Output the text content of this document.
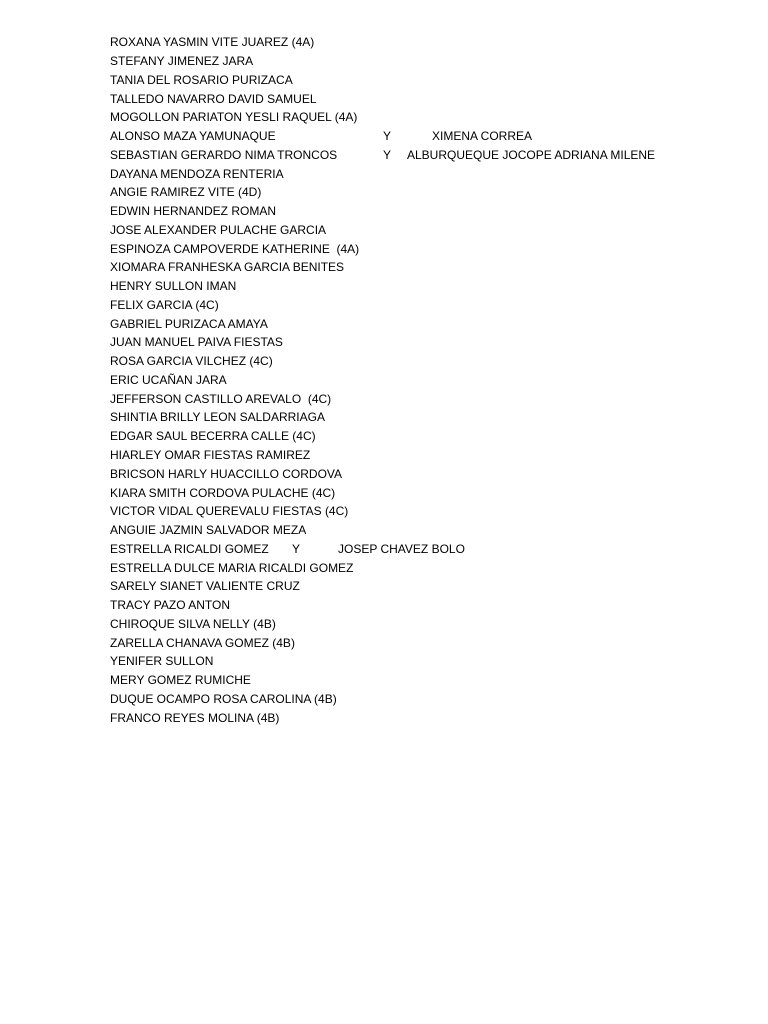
ROXANA YASMIN VITE JUAREZ (4A)
STEFANY JIMENEZ JARA
TANIA DEL ROSARIO PURIZACA
TALLEDO NAVARRO DAVID SAMUEL
MOGOLLON PARIATON YESLI RAQUEL (4A)
ALONSO MAZA YAMUNAQUE	Y	XIMENA CORREA
SEBASTIAN GERARDO NIMA TRONCOS	Y ALBURQUEQUE JOCOPE ADRIANA MILENE
DAYANA MENDOZA RENTERIA
ANGIE RAMIREZ VITE (4D)
EDWIN HERNANDEZ ROMAN
JOSE ALEXANDER PULACHE GARCIA
ESPINOZA CAMPOVERDE KATHERINE  (4A)
XIOMARA FRANHESKA GARCIA BENITES
HENRY SULLON IMAN
FELIX GARCIA (4C)
GABRIEL PURIZACA AMAYA
JUAN MANUEL PAIVA FIESTAS
ROSA GARCIA VILCHEZ (4C)
ERIC UCAÑAN JARA
JEFFERSON CASTILLO AREVALO  (4C)
SHINTIA BRILLY LEON SALDARRIAGA
EDGAR SAUL BECERRA CALLE (4C)
HIARLEY OMAR FIESTAS RAMIREZ
BRICSON HARLY HUACCILLO CORDOVA
KIARA SMITH CORDOVA PULACHE (4C)
VICTOR VIDAL QUEREVALU FIESTAS (4C)
ANGUIE JAZMIN SALVADOR MEZA
ESTRELLA RICALDI GOMEZ Y	JOSEP CHAVEZ BOLO
ESTRELLA DULCE MARIA RICALDI GOMEZ
SARELY SIANET VALIENTE CRUZ
TRACY PAZO ANTON
CHIROQUE SILVA NELLY (4B)
ZARELLA CHANAVA GOMEZ (4B)
YENIFER SULLON
MERY GOMEZ RUMICHE
DUQUE OCAMPO ROSA CAROLINA (4B)
FRANCO REYES MOLINA (4B)
